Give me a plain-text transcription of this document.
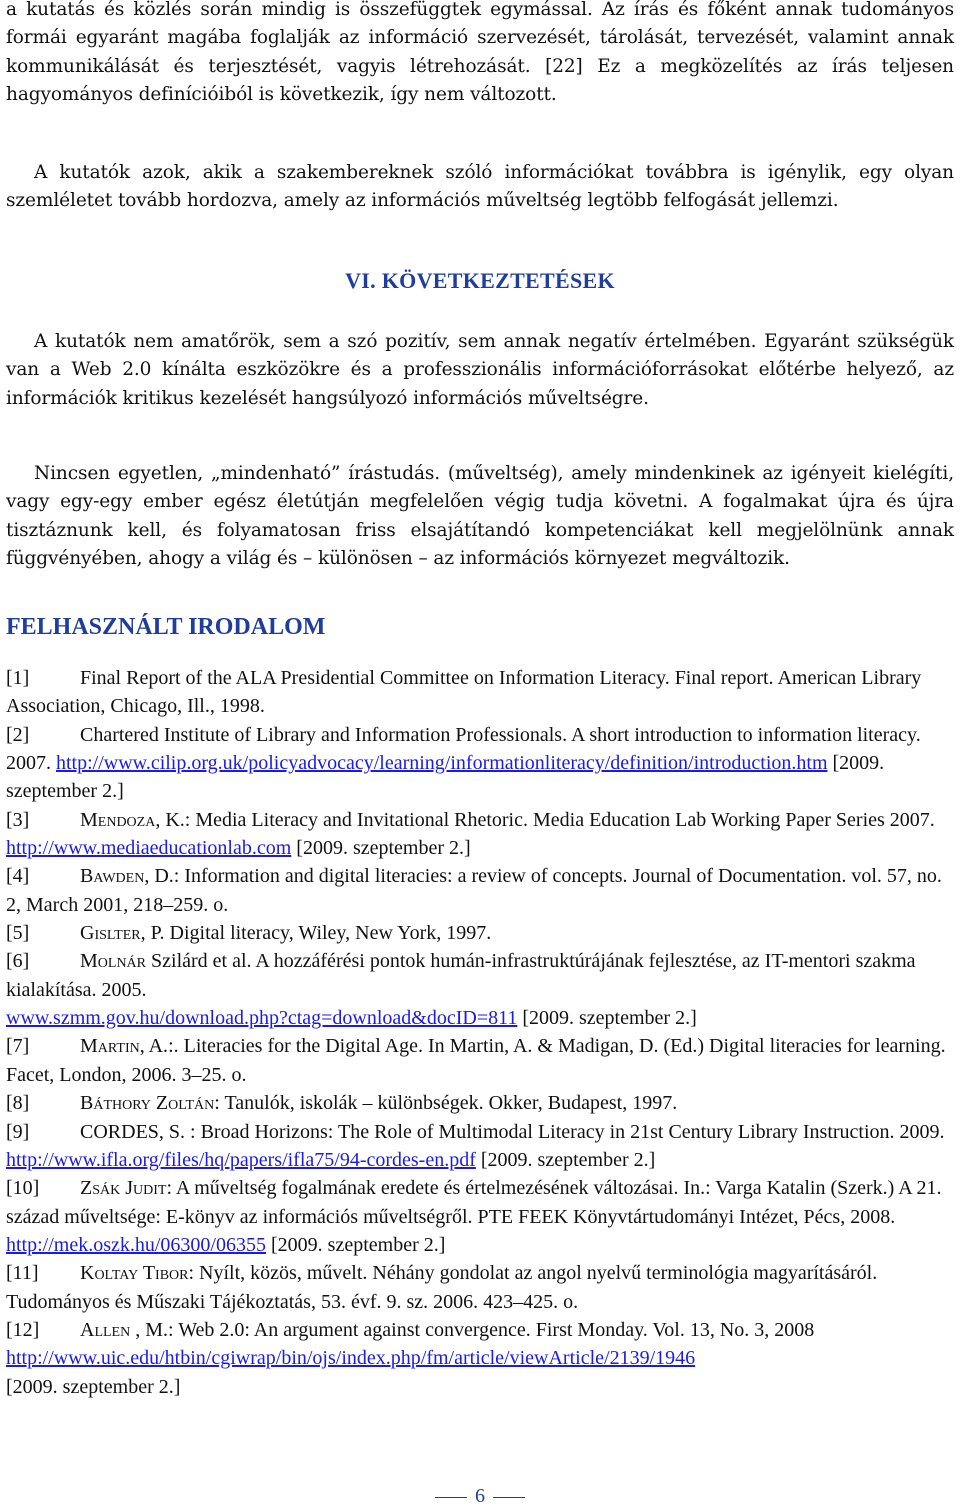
a kutatás és közlés során mindig is összefüggtek egymással. Az írás és főként annak tudományos formái egyaránt magába foglalják az információ szervezését, tárolását, tervezését, valamint annak kommunikálását és terjesztését, vagyis létrehozását. [22] Ez a megközelítés az írás teljesen hagyományos definícióiból is következik, így nem változott.

A kutatók azok, akik a szakembereknek szóló információkat továbbra is igénylik, egy olyan szemléletet tovább hordozva, amely az információs műveltség legtöbb felfogását jellemzi.

VI. KÖVETKEZTETÉSEK

A kutatók nem amatőrök, sem a szó pozitív, sem annak negatív értelmében. Egyaránt szükségük van a Web 2.0 kínálta eszközökre és a professzionális információforrásokat előtérbe helyező, az információk kritikus kezelését hangsúlyozó információs műveltségre.

Nincsen egyetlen, „mindenható” írástudás. (műveltség), amely mindenkinek az igényeit kielégíti, vagy egy-egy ember egész életútján megfelelően végig tudja követni. A fogalmakat újra és újra tisztáznunk kell, és folyamatosan friss elsajátítandó kompetenciákat kell megjelölnünk annak függvényében, ahogy a világ és – különösen – az információs környezet megváltozik.

FELHASZNÁLT IRODALOM

[1]	Final Report of the ALA Presidential Committee on Information Literacy. Final report. American Library Association, Chicago, Ill., 1998.

[2]	Chartered Institute of Library and Information Professionals. A short introduction to information literacy. 2007. http://www.cilip.org.uk/policyadvocacy/learning/informationliteracy/definition/introduction.htm [2009. szeptember 2.]

[3]	Mendoza, K.: Media Literacy and Invitational Rhetoric. Media Education Lab Working Paper Series 2007. http://www.mediaeducationlab.com [2009. szeptember 2.]

[4]	Bawden, D.: Information and digital literacies: a review of concepts. Journal of Documentation. vol. 57, no. 2, March 2001, 218–259. o.

[5]	Gislter, P. Digital literacy, Wiley, New York, 1997.

[6]	Molnár Szilárd et al. A hozzáférési pontok humán-infrastruktúrájának fejlesztése, az IT-mentori szakma kialakítása. 2005.
www.szmm.gov.hu/download.php?ctag=download&docID=811 [2009. szeptember 2.]

[7]	Martin, A.:. Literacies for the Digital Age. In Martin, A. & Madigan, D. (Ed.) Digital literacies for learning. Facet, London, 2006. 3–25. o.

[8]	Báthory Zoltán: Tanulók, iskolák – különbségek. Okker, Budapest, 1997.

[9]	CORDES, S. : Broad Horizons: The Role of Multimodal Literacy in 21st Century Library Instruction. 2009. http://www.ifla.org/files/hq/papers/ifla75/94-cordes-en.pdf [2009. szeptember 2.]

[10] Zsák Judit: A műveltség fogalmának eredete és értelmezésének változásai. In.: Varga Katalin (Szerk.) A 21. század műveltsége: E-könyv az információs műveltségről. PTE FEEK Könyvtártudományi Intézet, Pécs, 2008. http://mek.oszk.hu/06300/06355 [2009. szeptember 2.]

[11] Koltay Tibor: Nyílt, közös, művelt. Néhány gondolat az angol nyelvű terminológia magyarításáról. Tudományos és Műszaki Tájékoztatás, 53. évf. 9. sz. 2006. 423–425. o.

[12] Allen , M.: Web 2.0: An argument against convergence. First Monday. Vol. 13, No. 3, 2008 http://www.uic.edu/htbin/cgiwrap/bin/ojs/index.php/fm/article/viewArticle/2139/1946
[2009. szeptember 2.]

6
